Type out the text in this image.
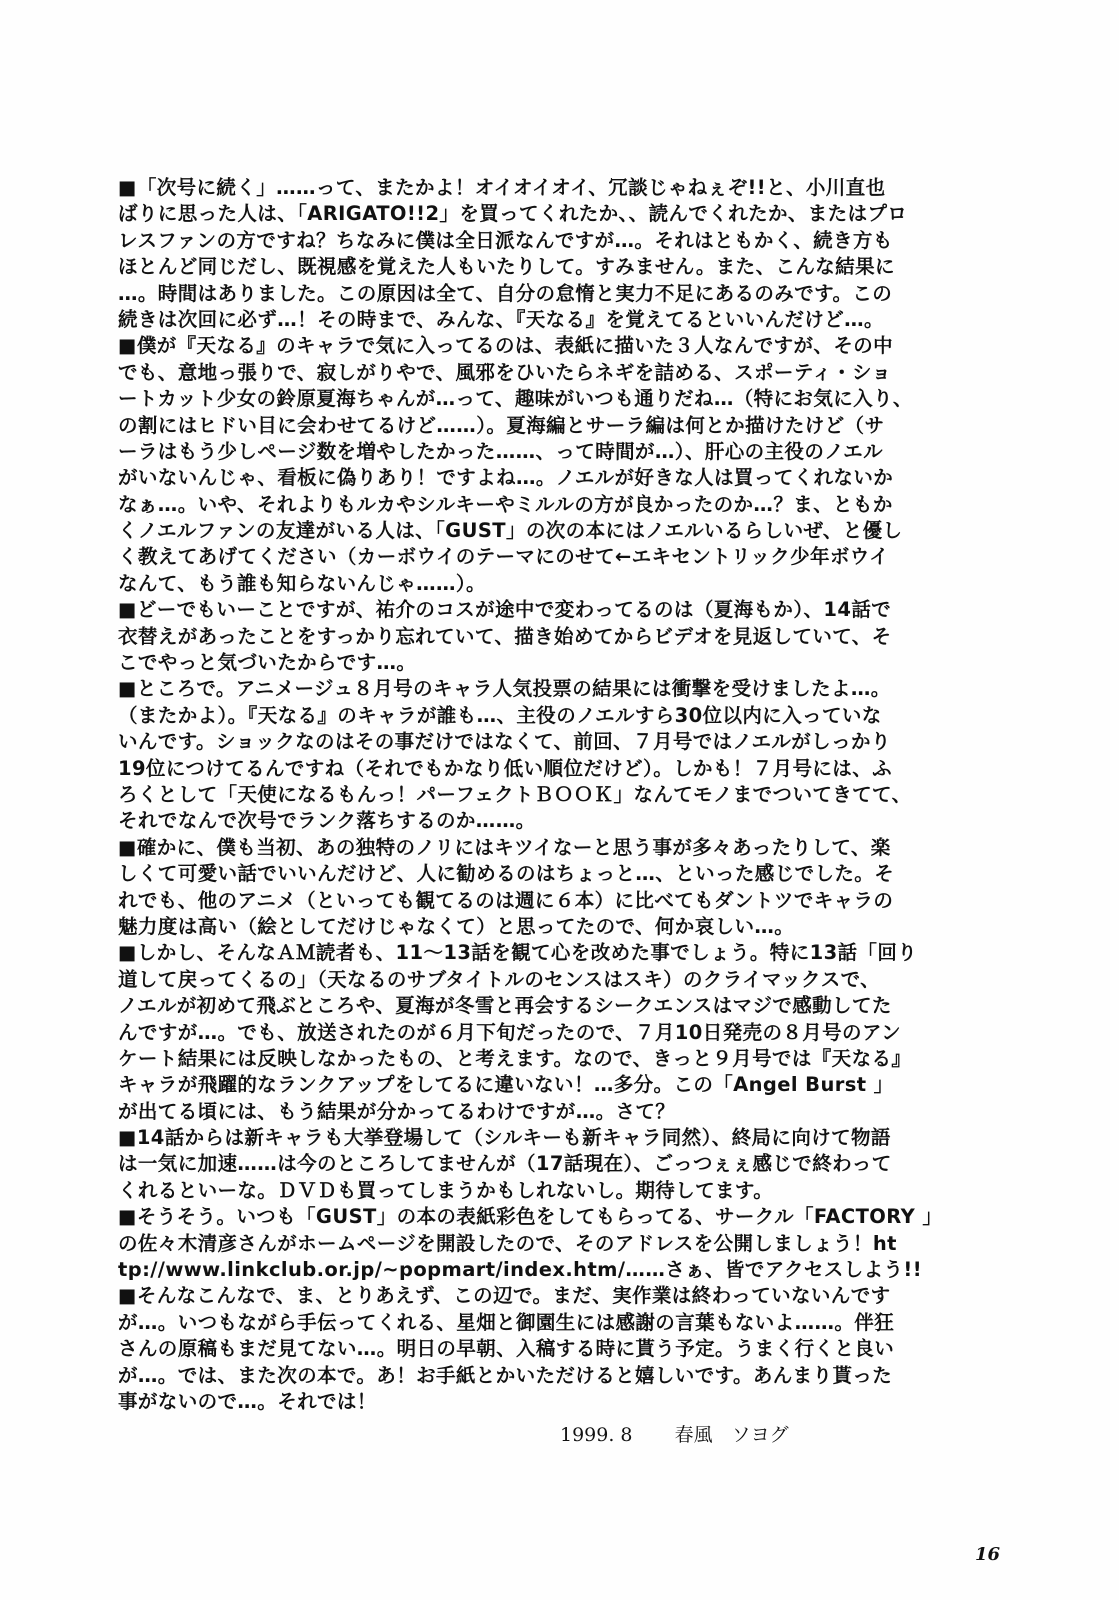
■「次号に続く」……って、またかよ！オイオイオイ、冗談じゃねぇぞ!!と、小川直也
ばりに思った人は、「ARIGATO!!2」を買ってくれたか、、読んでくれたか、またはプロ
レスファンの方ですね？ちなみに僕は全日派なんですが…。それはともかく、続き方も
ほとんど同じだし、既視感を覚えた人もいたりして。すみません。また、こんな結果に
…。時間はありました。この原因は全て、自分の怠惰と実力不足にあるのみです。この
続きは次回に必ず…！その時まで、みんな、『天なる』を覚えてるといいんだけど…。
■僕が『天なる』のキャラで気に入ってるのは、表紙に描いた３人なんですが、その中
でも、意地っ張りで、寂しがりやで、風邪をひいたらネギを詰める、スポーティ・ショ
ートカット少女の鈴原夏海ちゃんが…って、趣味がいつも通りだね…（特にお気に入り、
の割にはヒドい目に会わせてるけど……）。夏海編とサーラ編は何とか描けたけど（サ
ーラはもう少しページ数を増やしたかった……、って時間が…）、肝心の主役のノエル
がいないんじゃ、看板に偽りあり！ですよね…。ノエルが好きな人は買ってくれないか
なぁ…。いや、それよりもルカやシルキーやミルルの方が良かったのか…？ま、ともか
くノエルファンの友達がいる人は、「GUST」の次の本にはノエルいるらしいぜ、と優し
く教えてあげてください（カーボウイのテーマにのせて←エキセントリック少年ボウイ
なんて、もう誰も知らないんじゃ……）。
■どーでもいーことですが、祐介のコスが途中で変わってるのは（夏海もか）、14話で
衣替えがあったことをすっかり忘れていて、描き始めてからビデオを見返していて、そ
こでやっと気づいたからです…。
■ところで。アニメージュ８月号のキャラ人気投票の結果には衝撃を受けましたよ…。
（またかよ）。『天なる』のキャラが誰も…、主役のノエルすら30位以内に入っていな
いんです。ショックなのはその事だけではなくて、前回、７月号ではノエルがしっかり
19位につけてるんですね（それでもかなり低い順位だけど）。しかも！７月号には、ふ
ろくとして「天使になるもんっ！パーフェクトＢＯＯＫ」なんてモノまでついてきてて、
それでなんで次号でランク落ちするのか……。
■確かに、僕も当初、あの独特のノリにはキツイなーと思う事が多々あったりして、楽
しくて可愛い話でいいんだけど、人に勧めるのはちょっと…、といった感じでした。そ
れでも、他のアニメ（といっても観てるのは週に６本）に比べてもダントツでキャラの
魅力度は高い（絵としてだけじゃなくて）と思ってたので、何か哀しい…。
■しかし、そんなＡＭ読者も、11～13話を観て心を改めた事でしょう。特に13話「回り
道して戻ってくるの」（天なるのサブタイトルのセンスはスキ）のクライマックスで、
ノエルが初めて飛ぶところや、夏海が冬雪と再会するシークエンスはマジで感動してた
んですが…。でも、放送されたのが６月下旬だったので、７月10日発売の８月号のアン
ケート結果には反映しなかったもの、と考えます。なので、きっと９月号では『天なる』
キャラが飛躍的なランクアップをしてるに違いない！…多分。この「Angel Burst 」
が出てる頃には、もう結果が分かってるわけですが…。さて？
■14話からは新キャラも大挙登場して（シルキーも新キャラ同然）、終局に向けて物語
は一気に加速……は今のところしてませんが（17話現在）、ごっつぇぇ感じで終わって
くれるといーな。ＤＶＤも買ってしまうかもしれないし。期待してます。
■そうそう。いつも「GUST」の本の表紙彩色をしてもらってる、サークル「FACTORY 」
の佐々木清彦さんがホームページを開設したので、そのアドレスを公開しましょう！ht
tp://www.linkclub.or.jp/~popmart/index.htm/……さぁ、皆でアクセスしよう!!
■そんなこんなで、ま、とりあえず、この辺で。まだ、実作業は終わっていないんです
が…。いつもながら手伝ってくれる、星畑と御園生には感謝の言葉もないよ……。伴狂
さんの原稿もまだ見てない…。明日の早朝、入稿する時に貰う予定。うまく行くと良い
が…。では、また次の本で。あ！お手紙とかいただけると嬉しいです。あんまり貰った
事がないので…。それでは！
1999. 8 春風　ソヨグ
16
